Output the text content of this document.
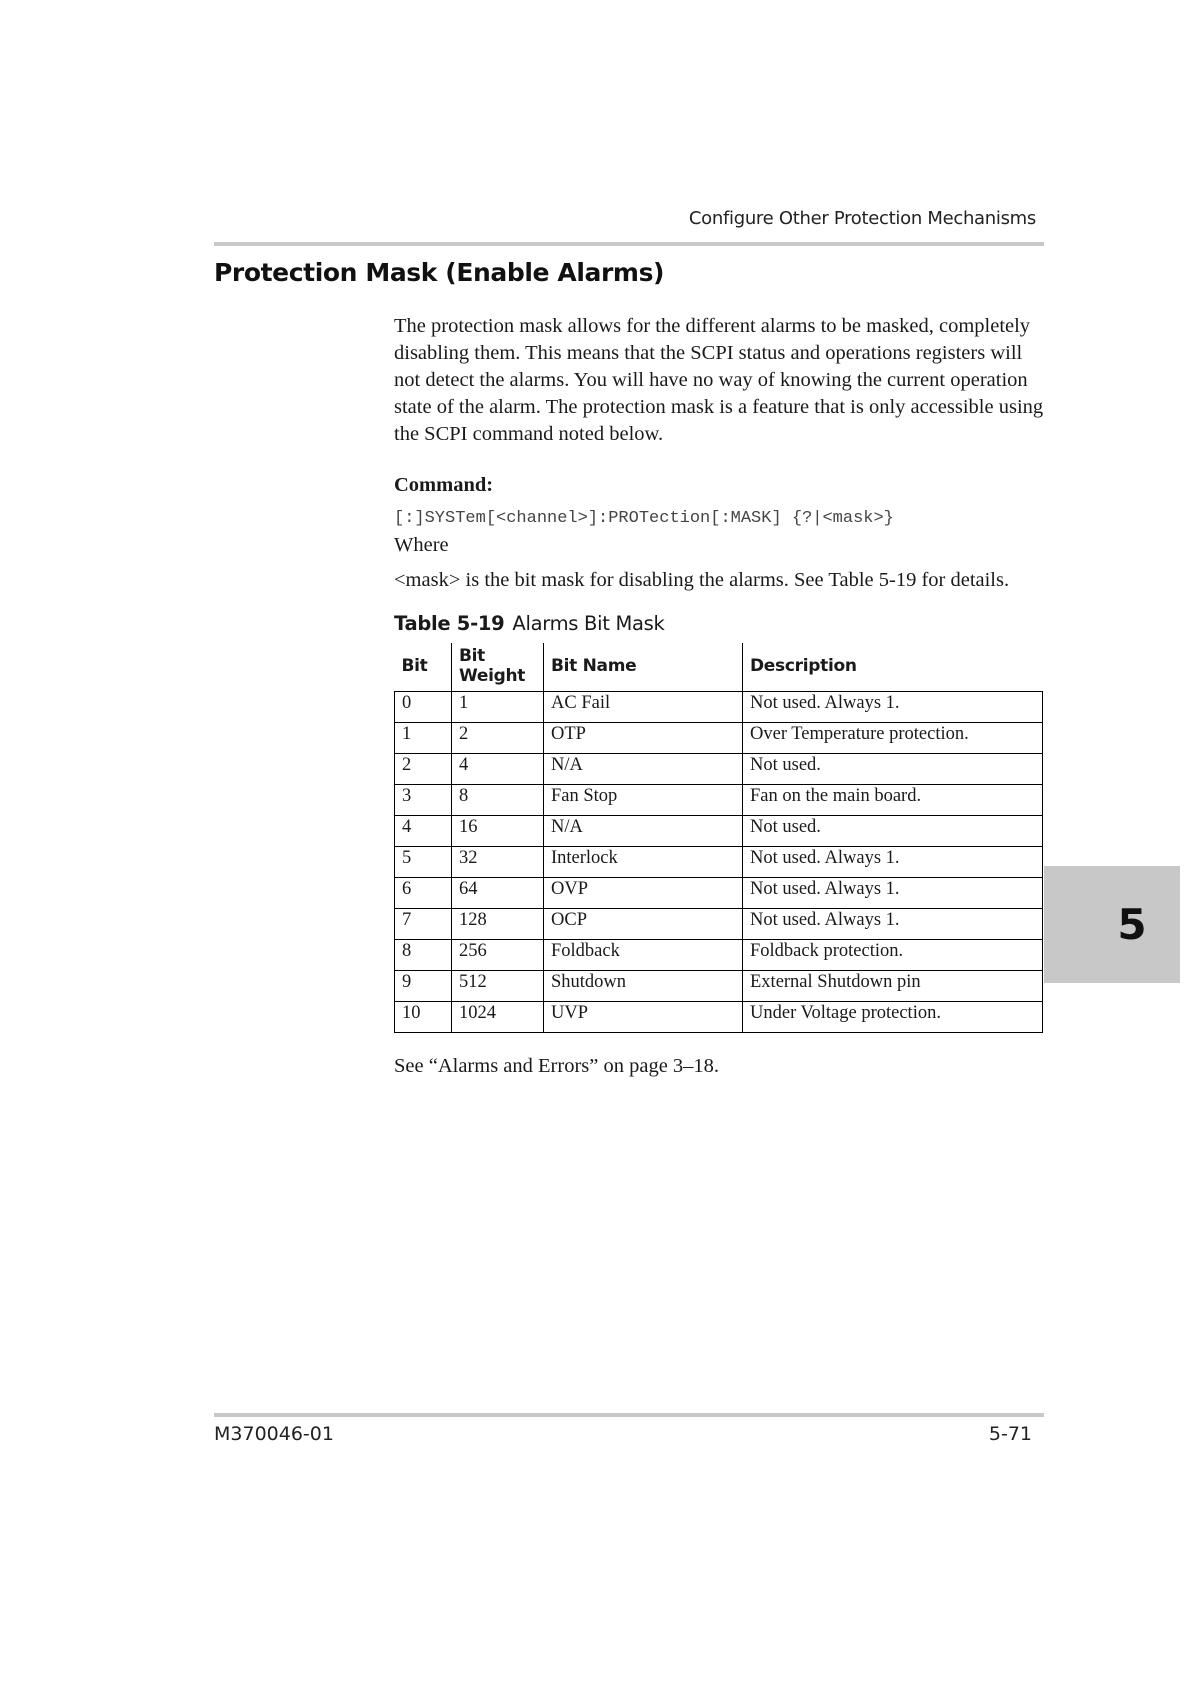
Configure Other Protection Mechanisms
Protection Mask (Enable Alarms)

The protection mask allows for the different alarms to be masked, completely disabling them. This means that the SCPI status and operations registers will not detect the alarms. You will have no way of knowing the current operation state of the alarm. The protection mask is a feature that is only accessible using the SCPI command noted below.

Command:

[:]SYSTem[<channel>]:PROTection[:MASK] {?|<mask>}

Where

<mask> is the bit mask for disabling the alarms. See Table 5-19 for details.

Table 5-19 Alarms Bit Mask

Bit	Bit Weight	Bit Name	Description
0	1	AC Fail	Not used. Always 1.
1	2	OTP	Over Temperature protection.
2	4	N/A	Not used.
3	8	Fan Stop	Fan on the main board.
4	16	N/A	Not used.
5	32	Interlock	Not used. Always 1.
6	64	OVP	Not used. Always 1.
7	128	OCP	Not used. Always 1.
8	256	Foldback	Foldback protection.
9	512	Shutdown	External Shutdown pin
10	1024	UVP	Under Voltage protection.

See “Alarms and Errors” on page 3–18.

5
M370046-01	5-71
